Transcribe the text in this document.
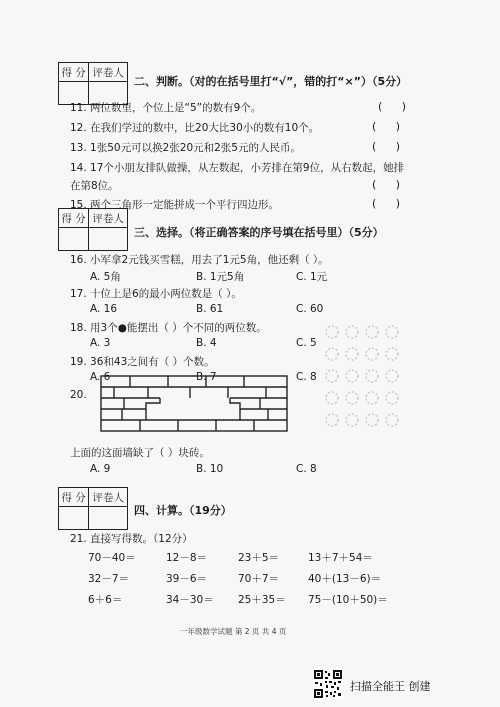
得 分	评卷人

二、判断。（对的在括号里打“√”，错的打“×”）（5分）
11. 两位数里，个位上是“5”的数有9个。	( )
12. 在我们学过的数中，比20大比30小的数有10个。	( )
13. 1张50元可以换2张20元和2张5元的人民币。	( )
14. 17个小朋友排队做操，从左数起，小芳排在第9位，从右数起，她排
在第8位。	( )
15. 两个三角形一定能拼成一个平行四边形。	( )
得 分	评卷人

三、选择。（将正确答案的序号填在括号里）（5分）
16. 小军拿2元钱买雪糕，用去了1元5角，他还剩（ ）。
A. 5角	B. 1元5角	C. 1元
17. 十位上是6的最小两位数是（ ）。
A. 16	B. 61	C. 60
18. 用3个●能摆出（ ）个不同的两位数。
A. 3	B. 4	C. 5
19. 36和43之间有（ ）个数。
A. 6	B. 7	C. 8
20.
上面的这面墙缺了（ ）块砖。
A. 9	B. 10	C. 8
得 分	评卷人

四、计算。（19分）
21. 直接写得数。（12分）
70－40＝	12－8＝	23＋5＝	13＋7＋54＝
32－7＝	39－6＝	70＋7＝	40＋(13－6)＝
6＋6＝	34－30＝ 25＋35＝ 75－(10＋50)＝
一年级数学试题 第 2 页 共 4 页
扫描全能王 创建
